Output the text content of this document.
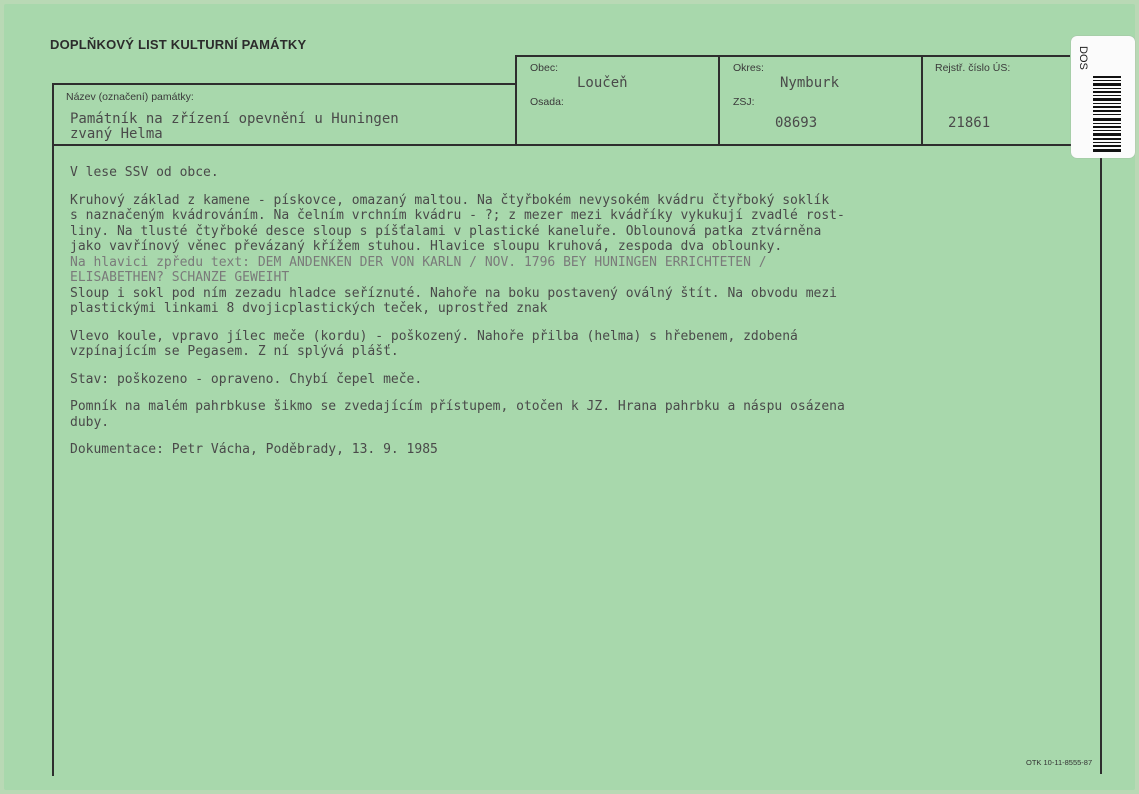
DOPLŇKOVÝ LIST KULTURNÍ PAMÁTKY
Název (označení) památky:
Památník na zřízení opevnění u Huningen
zvaný Helma
Obec:
Loučeň
Osada:
Okres:
Nymburk
ZSJ:
08693
Rejstř. číslo ÚS:
21861
DOS

V lese SSV od obce.

Kruhový základ z kamene - pískovce, omazaný maltou. Na čtyřbokém nevysokém kvádru čtyřboký soklík

s naznačeným kvádrováním. Na čelním vrchním kvádru - ?; z mezer mezi kvádříky vykukují zvadlé rost-

liny. Na tlusté čtyřboké desce sloup s píšťalami v plastické kaneluře. Oblounová patka ztvárněna

jako vavřínový věnec převázaný křížem stuhou. Hlavice sloupu kruhová, zespoda dva oblounky.

Na hlavici zpředu text: DEM ANDENKEN DER VON KARLN / NOV. 1796 BEY HUNINGEN ERRICHTETEN /

ELISABETHEN? SCHANZE GEWEIHT

Sloup i sokl pod ním zezadu hladce seříznuté. Nahoře na boku postavený oválný štít. Na obvodu mezi

plastickými linkami 8 dvojicplastických teček, uprostřed znak

Vlevo koule, vpravo jílec meče (kordu) - poškozený. Nahoře přilba (helma) s hřebenem, zdobená

vzpínajícím se Pegasem. Z ní splývá plášť.

Stav: poškozeno - opraveno. Chybí čepel meče.

Pomník na malém pahrbkuse šikmo se zvedajícím přístupem, otočen k JZ. Hrana pahrbku a náspu osázena

duby.

Dokumentace: Petr Vácha, Poděbrady, 13. 9. 1985

OTK 10-11-8555-87
